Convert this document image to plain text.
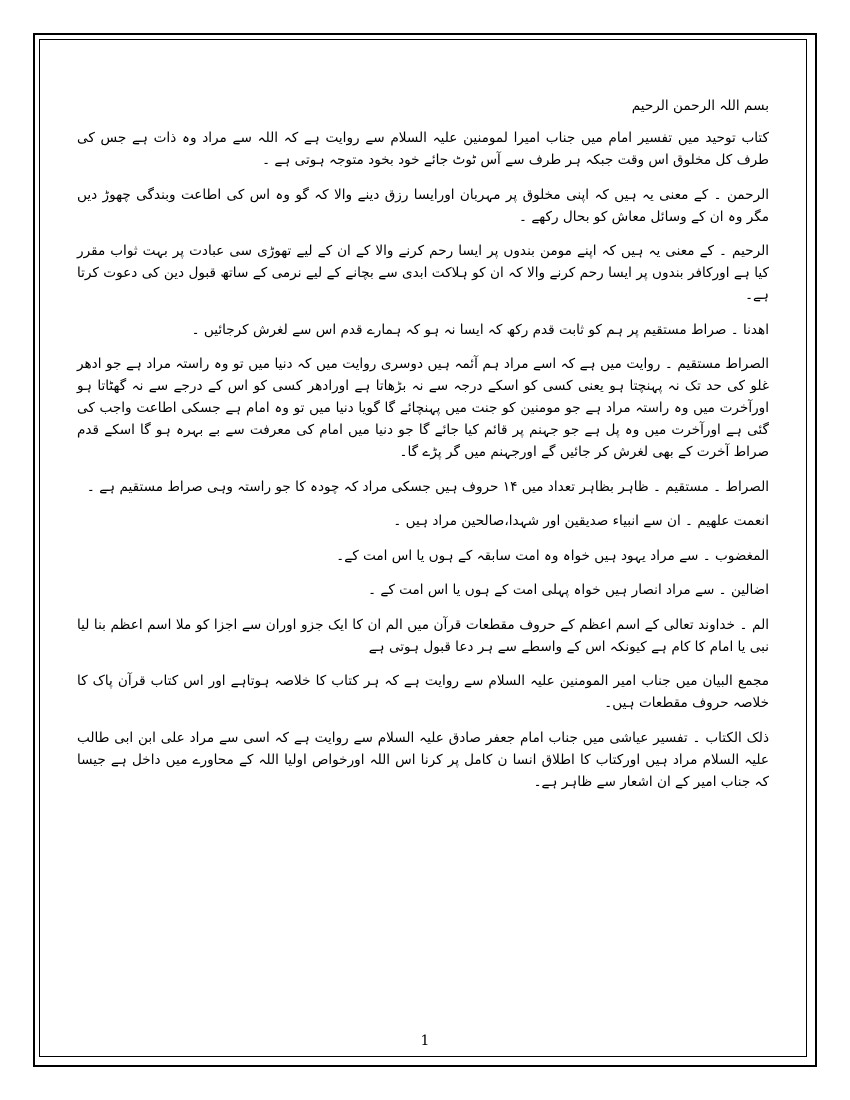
بسم اللہ الرحمن الرحیم

کتاب توحید میں تفسیر امام میں جناب امیرا لمومنین علیہ السلام سے روایت ہے کہ اللہ سے مراد وہ ذات ہے جس کی طرف کل مخلوق اس وقت جبکہ ہر طرف سے آس ٹوٹ جائے خود بخود متوجہ ہوتی ہے ۔

الرحمن ۔ کے معنی یہ ہیں کہ اپنی مخلوق پر مہربان اورایسا رزق دینے والا کہ گو وہ اس کی اطاعت وبندگی چھوڑ دیں مگر وہ ان کے وسائل معاش کو بحال رکھے ۔

الرحیم ۔ کے معنی یہ ہیں کہ اپنے مومن بندوں پر ایسا رحم کرنے والا کے ان کے لیے تھوڑی سی عبادت پر بہت ثواب مقرر کیا ہے اورکافر بندوں پر ایسا رحم کرنے والا کہ ان کو ہلاکت ابدی سے بچانے کے لیے نرمی کے ساتھ قبول دین کی دعوت کرتا ہے۔

اھدنا ۔ صراط مستقیم پر ہم کو ثابت قدم رکھ کہ ایسا نہ ہو کہ ہمارے قدم اس سے لغرش کرجائیں ۔

الصراط مستقیم ۔ روایت میں ہے کہ اسے مراد ہم آئمہ ہیں دوسری روایت میں کہ دنیا میں تو وہ راستہ مراد ہے جو ادھر غلو کی حد تک نہ پہنچتا ہو یعنی کسی کو اسکے درجہ سے نہ بڑھاتا ہے اورادھر کسی کو اس کے درجے سے نہ گھٹاتا ہو اورآخرت میں وہ راستہ مراد ہے جو مومنین کو جنت میں پہنچائے گا گویا دنیا میں تو وہ امام ہے جسکی اطاعت واجب کی گئی ہے اورآخرت میں وہ پل ہے جو جہنم پر قائم کیا جائے گا جو دنیا میں امام کی معرفت سے بے بہرہ ہو گا اسکے قدم صراط آخرت کے بھی لغرش کر جائیں گے اورجہنم میں گر پڑے گا۔

الصراط ۔ مستقیم ۔ ظاہر بظاہر تعداد میں ۱۴ حروف ہیں جسکی مراد کہ چودہ کا جو راستہ وہی صراط مستقیم ہے ۔

انعمت علھیم ۔ ان سے انبیاء صدیقین اور شہدا،صالحین مراد ہیں ۔

المغضوب ۔ سے مراد یہود ہیں خواہ وہ امت سابقہ کے ہوں یا اس امت کے۔

اضالین ۔ سے مراد انصار ہیں خواہ پہلی امت کے ہوں یا اس امت کے ۔

الم ۔ خداوند تعالی کے اسم اعظم کے حروف مقطعات قرآن میں الم ان کا ایک جزو اوران سے اجزا کو ملا اسم اعظم بنا لیا نبی یا امام کا کام ہے کیونکہ اس کے واسطے سے ہر دعا قبول ہوتی ہے

مجمع البیان میں جناب امیر المومنین علیہ السلام سے روایت ہے کہ ہر کتاب کا خلاصہ ہوتاہے اور اس کتاب قرآن پاک کا خلاصہ حروف مقطعات ہیں۔

ذلک الکتاب ۔ تفسیر عیاشی میں جناب امام جعفر صادق علیہ السلام سے روایت ہے کہ اسی سے مراد علی ابن ابی طالب علیہ السلام مراد ہیں اورکتاب کا اطلاق انسا ن کامل پر کرنا اس اللہ اورخواص اولیا اللہ کے محاورے میں داخل ہے جیسا کہ جناب امیر کے ان اشعار سے ظاہر ہے۔

1
